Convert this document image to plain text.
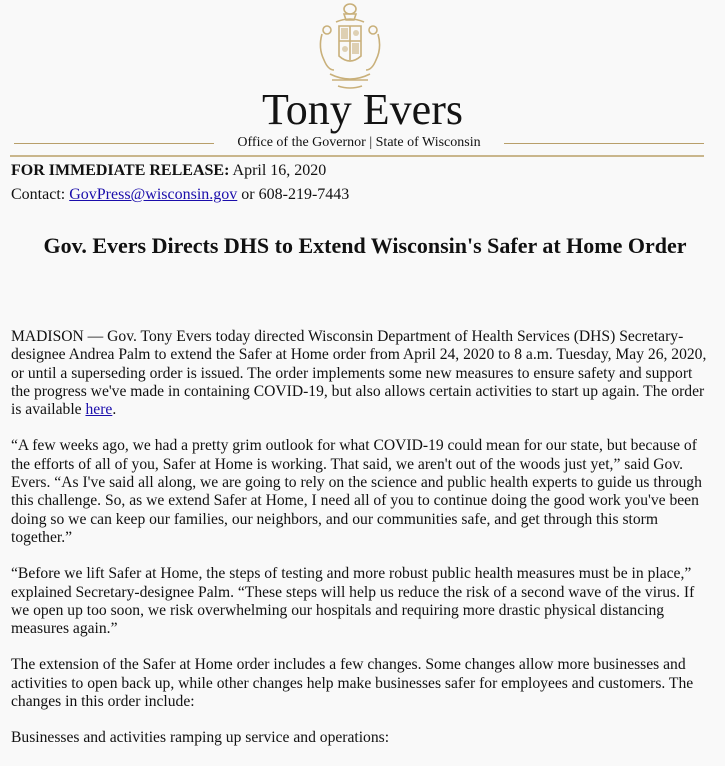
Tony Evers
Office of the Governor | State of Wisconsin
FOR IMMEDIATE RELEASE: April 16, 2020
Contact: GovPress@wisconsin.gov or 608-219-7443
Gov. Evers Directs DHS to Extend Wisconsin's Safer at Home Order

MADISON — Gov. Tony Evers today directed Wisconsin Department of Health Services (DHS) Secretary-designee Andrea Palm to extend the Safer at Home order from April 24, 2020 to 8 a.m. Tuesday, May 26, 2020, or until a superseding order is issued. The order implements some new measures to ensure safety and support the progress we've made in containing COVID-19, but also allows certain activities to start up again. The order is available here.

“A few weeks ago, we had a pretty grim outlook for what COVID-19 could mean for our state, but because of the efforts of all of you, Safer at Home is working. That said, we aren't out of the woods just yet,” said Gov. Evers. “As I've said all along, we are going to rely on the science and public health experts to guide us through this challenge. So, as we extend Safer at Home, I need all of you to continue doing the good work you've been doing so we can keep our families, our neighbors, and our communities safe, and get through this storm together.”

“Before we lift Safer at Home, the steps of testing and more robust public health measures must be in place,” explained Secretary-designee Palm. “These steps will help us reduce the risk of a second wave of the virus. If we open up too soon, we risk overwhelming our hospitals and requiring more drastic physical distancing measures again.”

The extension of the Safer at Home order includes a few changes. Some changes allow more businesses and activities to open back up, while other changes help make businesses safer for employees and customers. The changes in this order include:

Businesses and activities ramping up service and operations:
